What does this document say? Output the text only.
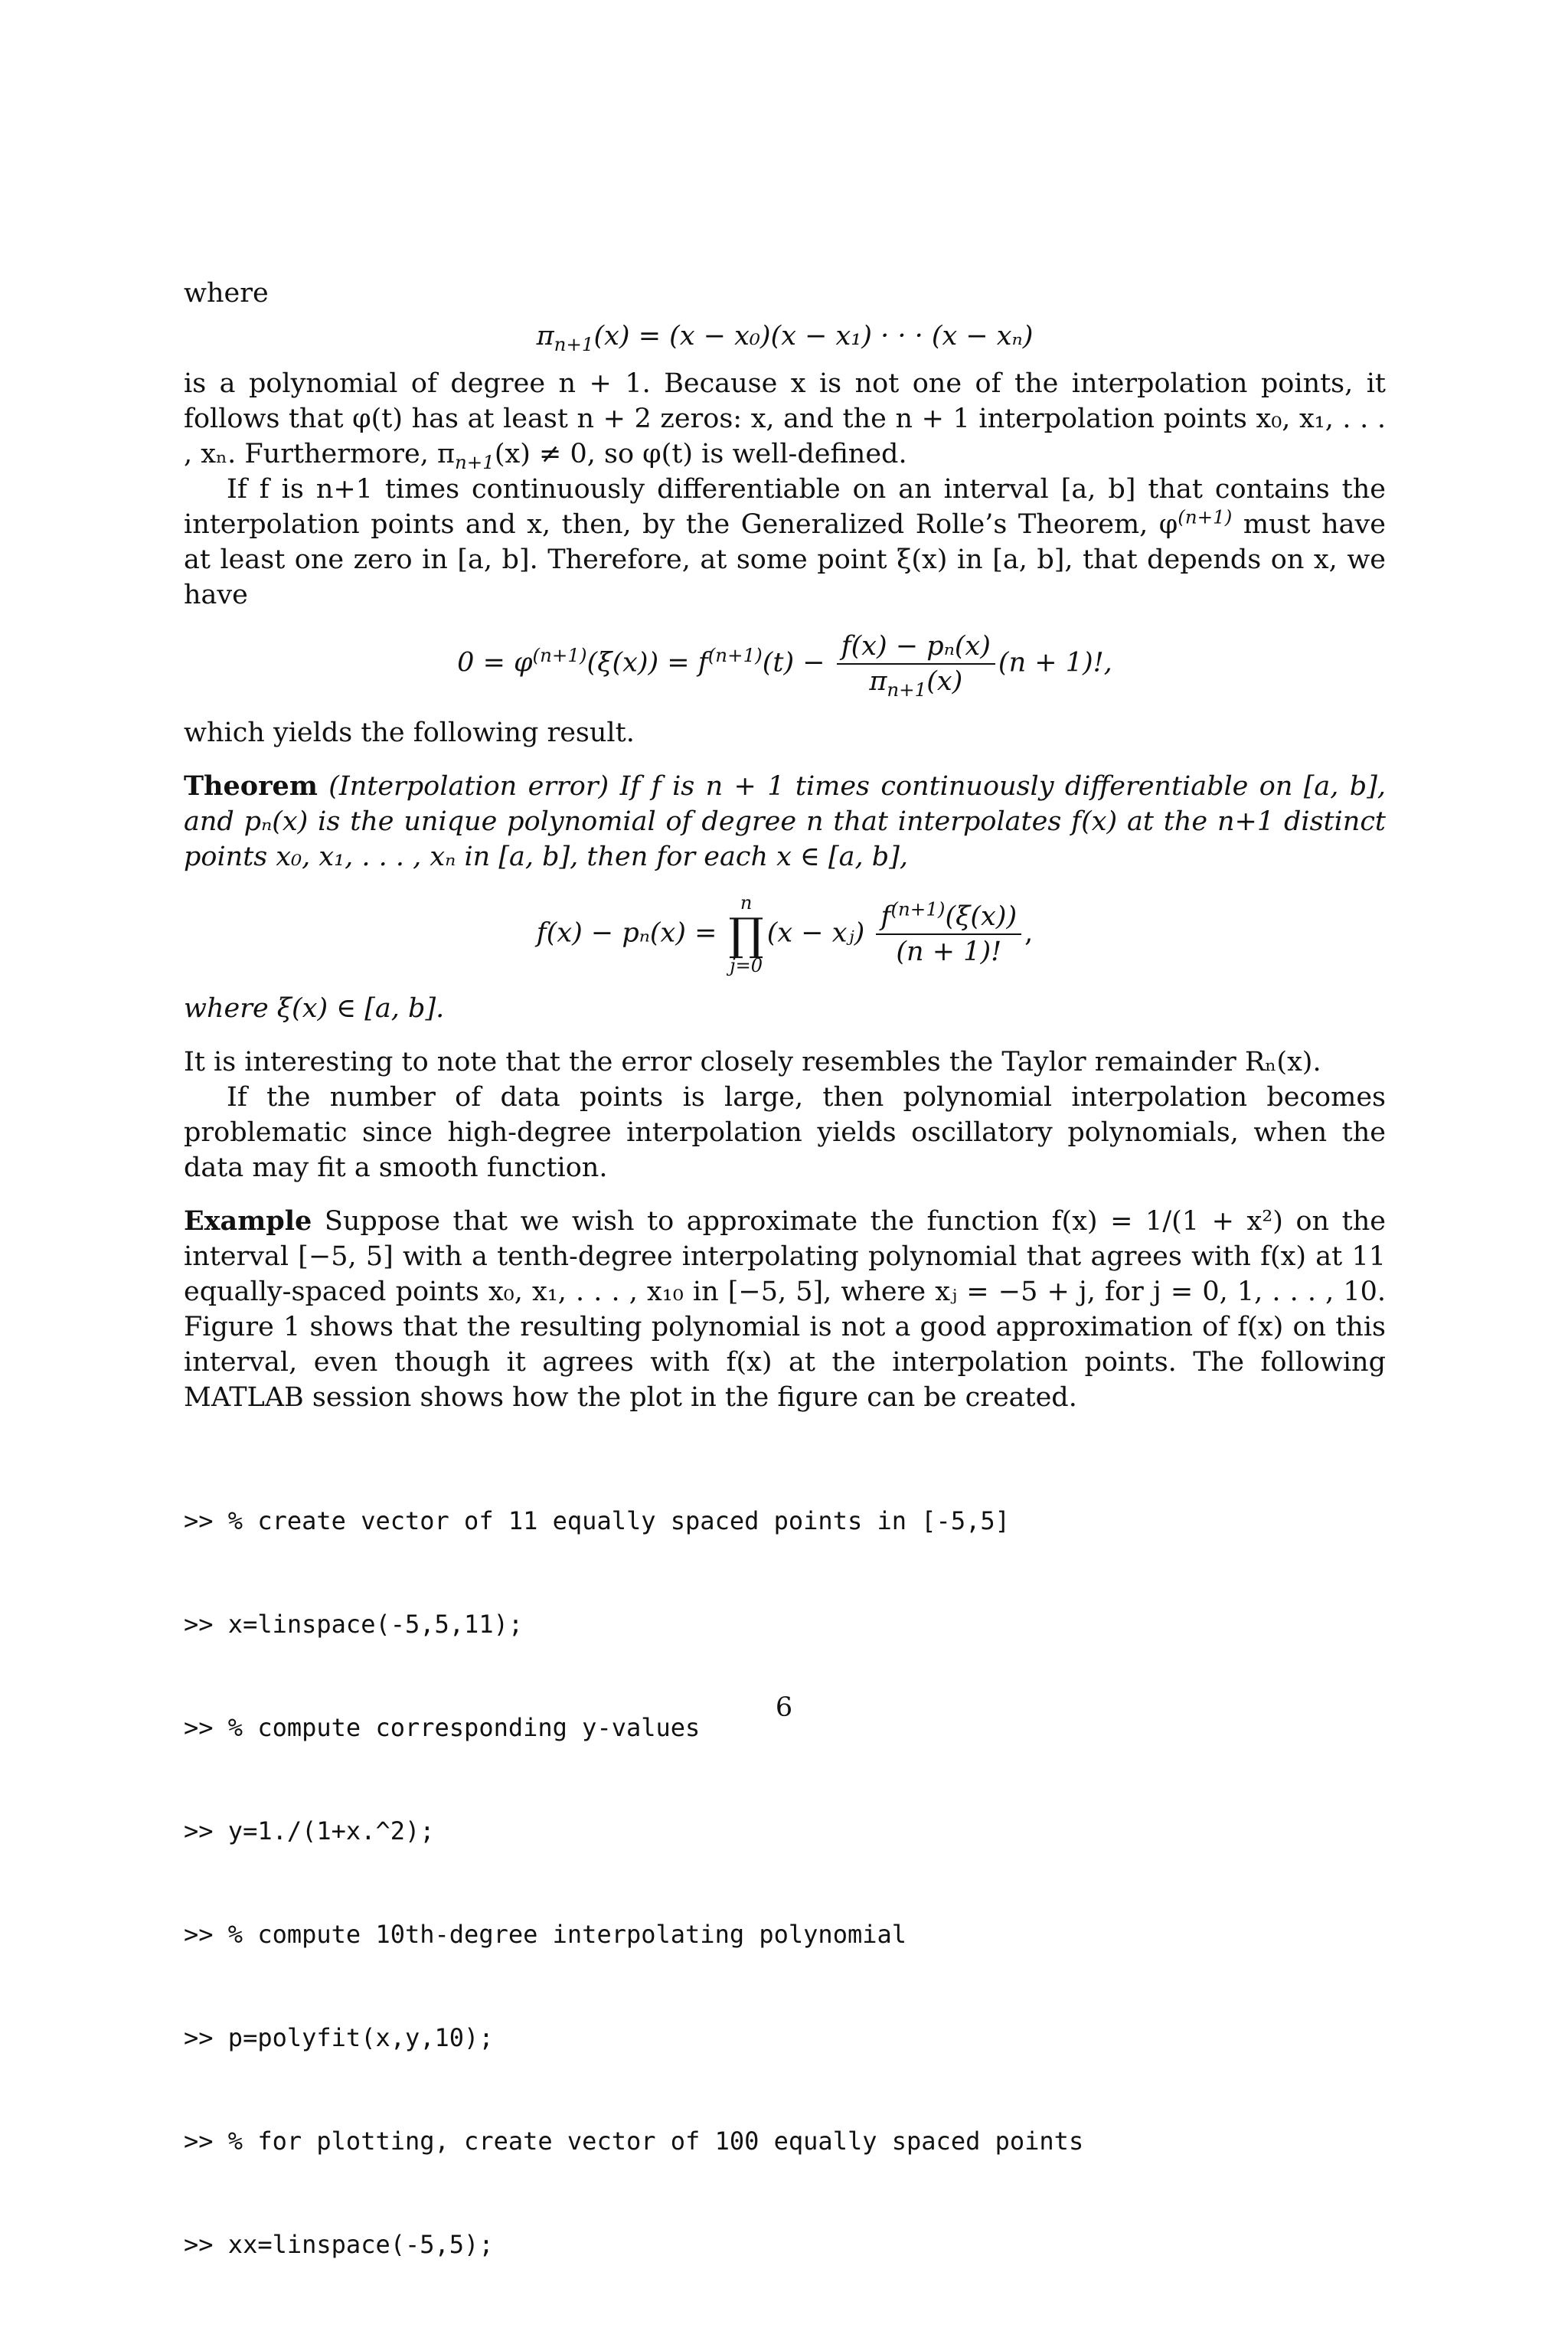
where

$\pi_{n+1}(x) = (x - x_0)(x - x_1)$ · · · (x − xₙ)

is a polynomial of degree n + 1. Because x is not one of the interpolation points, it follows that φ(t) has at least n + 2 zeros: x, and the n + 1 interpolation points x₀, x₁, . . . , xₙ. Furthermore, $\pi_{n+1}(x) \ne 0$, so φ(t) is well-defined.

If f is n+1 times continuously differentiable on an interval [a, b] that contains the interpolation points and x, then, by the Generalized Rolle’s Theorem, $\varphi^{(n+1)}$ must have at least one zero in [a, b]. Therefore, at some point ξ(x) in [a, b], that depends on x, we have

$0 = \varphi^{(n+1)}(\xi(x)) = f^{(n+1)}(t) - \frac{\text{f(x) − pₙ(x)}}{\pi_{n+1}(x)} (n + 1)$!,

which yields the following result.

Theorem (Interpolation error) If f is n + 1 times continuously differentiable on [a, b], and pₙ(x) is the unique polynomial of degree n that interpolates f(x) at the n+1 distinct points x₀, x₁, . . . , xₙ in [a, b], then for each x ∈ [a, b],

f(x) − pₙ(x) =
n
∏
j=0
(x − xⱼ) $\frac{f^{(n+1)}(\xi(x))}{(n + 1)!}$ ,

where ξ(x) ∈ [a, b].

It is interesting to note that the error closely resembles the Taylor remainder Rₙ(x).

If the number of data points is large, then polynomial interpolation becomes problematic since high-degree interpolation yields oscillatory polynomials, when the data may fit a smooth function.

Example Suppose that we wish to approximate the function f(x) = 1/(1 + x²) on the interval [−5, 5] with a tenth-degree interpolating polynomial that agrees with f(x) at 11 equally-spaced points x₀, x₁, . . . , x₁₀ in [−5, 5], where xⱼ = −5 + j, for j = 0, 1, . . . , 10. Figure 1 shows that the resulting polynomial is not a good approximation of f(x) on this interval, even though it agrees with f(x) at the interpolation points. The following MATLAB session shows how the plot in the figure can be created.

>> % create vector of 11 equally spaced points in [-5,5]

>> x=linspace(-5,5,11);

>> % compute corresponding y-values

>> y=1./(1+x.^2);

>> % compute 10th-degree interpolating polynomial

>> p=polyfit(x,y,10);

>> % for plotting, create vector of 100 equally spaced points

>> xx=linspace(-5,5);

6
